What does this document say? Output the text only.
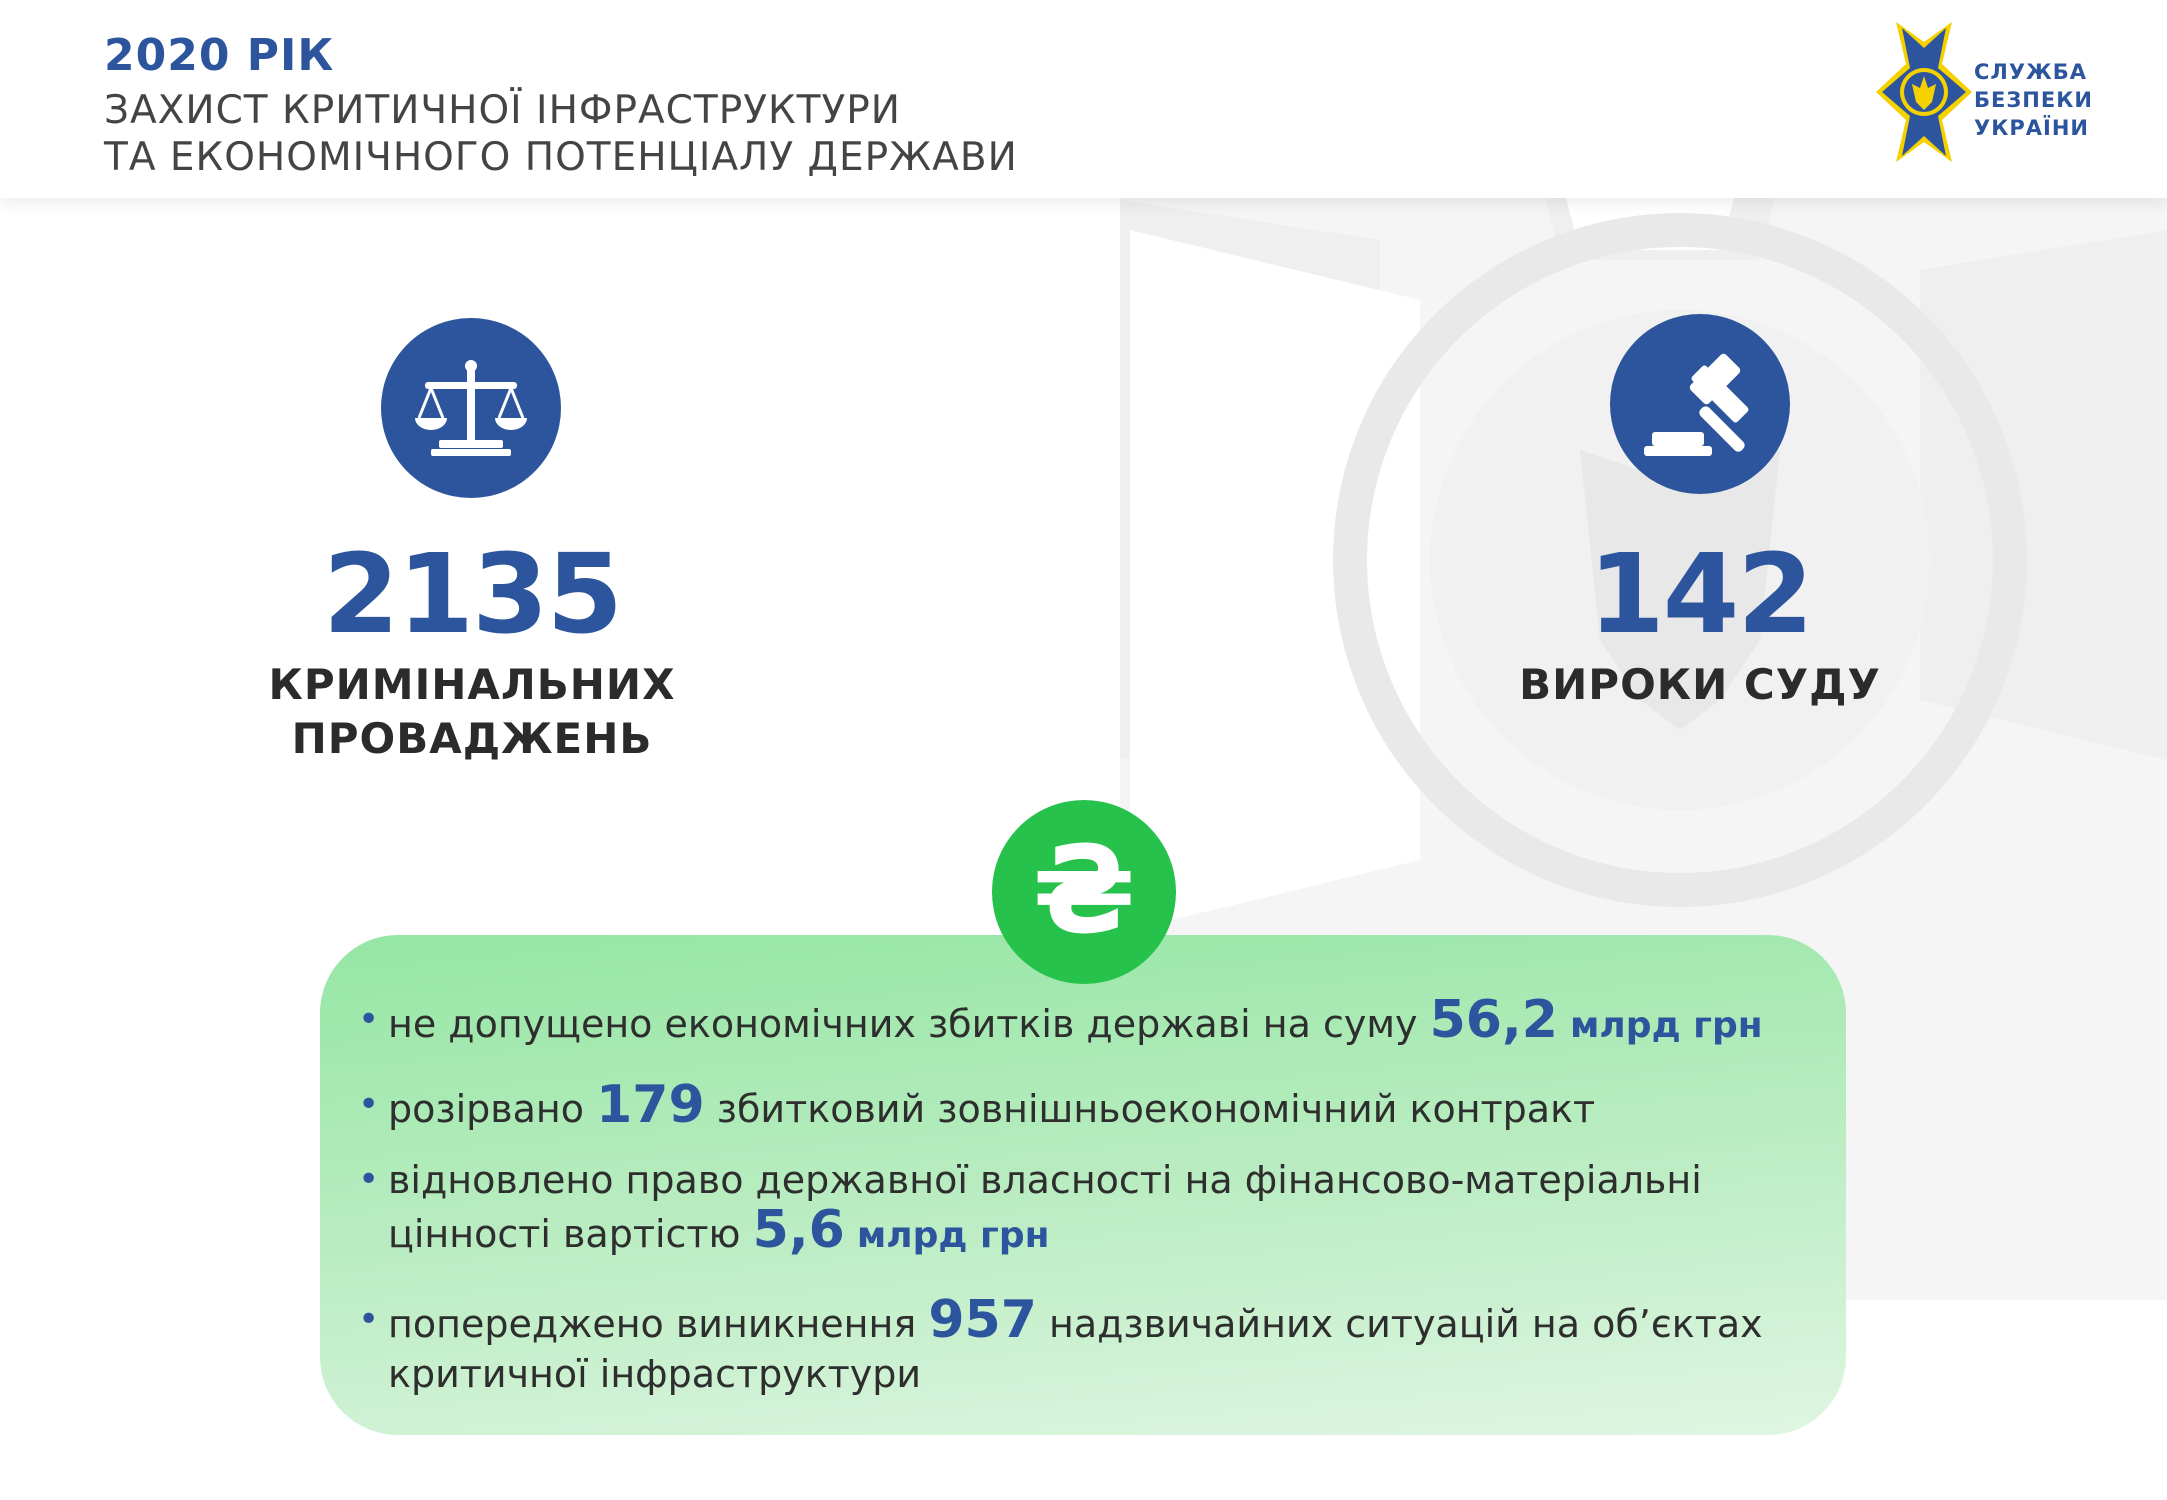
2020 РІК
ЗАХИСТ КРИТИЧНОЇ ІНФРАСТРУКТУРИ
ТА ЕКОНОМІЧНОГО ПОТЕНЦІАЛУ ДЕРЖАВИ
СЛУЖБА
БЕЗПЕКИ
УКРАЇНИ
2135
КРИМІНАЛЬНИХ
ПРОВАДЖЕНЬ
142
ВИРОКИ СУДУ
₴
• не допущено економічних збитків державі на суму 56,2 млрд грн
• розірвано 179 збитковий зовнішньоекономічний контракт
• відновлено право державної власності на фінансово-матеріальні
цінності вартістю 5,6 млрд грн
• попереджено виникнення 957 надзвичайних ситуацій на об’єктах
критичної інфраструктури
